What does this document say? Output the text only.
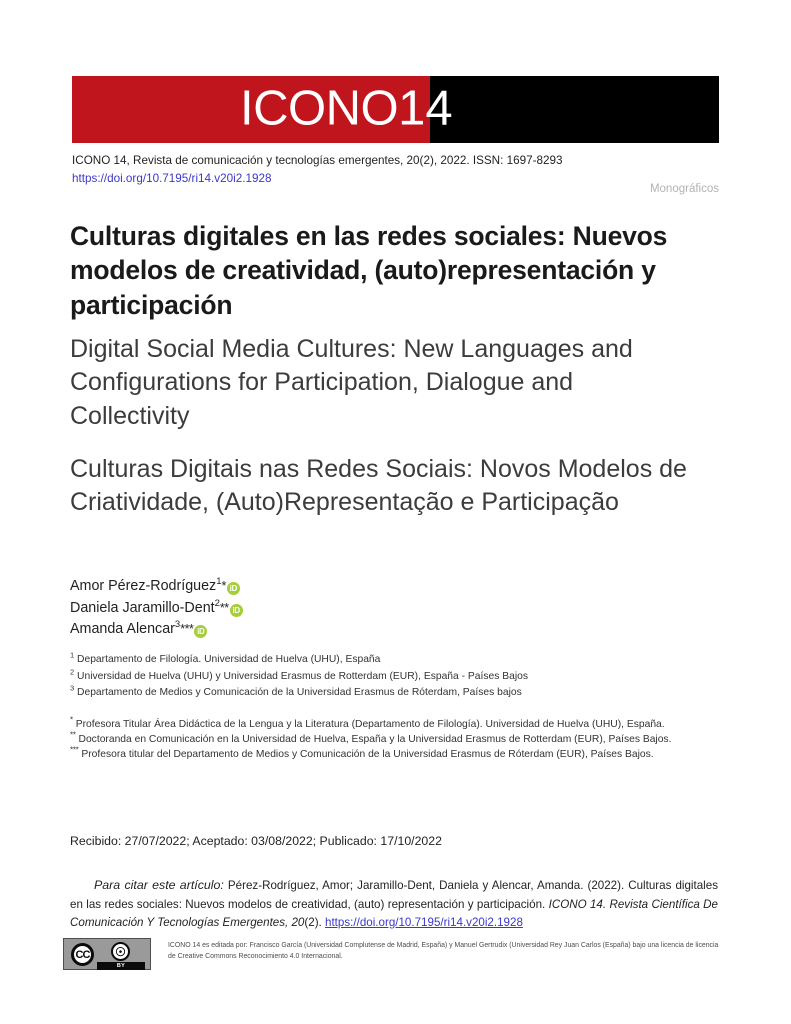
ICONO14
ICONO 14, Revista de comunicación y tecnologías emergentes, 20(2), 2022. ISSN: 1697-8293
https://doi.org/10.7195/ri14.v20i2.1928
Monográficos
Culturas digitales en las redes sociales: Nuevos modelos de creatividad, (auto)representación y participación
Digital Social Media Cultures: New Languages and Configurations for Participation, Dialogue and Collectivity
Culturas Digitais nas Redes Sociais: Novos Modelos de Criatividade, (Auto)Representação e Participação
Amor Pérez-Rodríguez$^1$* iD
Daniela Jaramillo-Dent$^2$** iD
Amanda Alencar$^3$*** iD
$^1$ Departamento de Filología. Universidad de Huelva (UHU), España
$^2$ Universidad de Huelva (UHU) y Universidad Erasmus de Rotterdam (EUR), España - Países Bajos
$^3$ Departamento de Medios y Comunicación de la Universidad Erasmus de Róterdam, Países bajos
* Profesora Titular Área Didáctica de la Lengua y la Literatura (Departamento de Filología). Universidad de Huelva (UHU), España.
** Doctoranda en Comunicación en la Universidad de Huelva, España y la Universidad Erasmus de Rotterdam (EUR), Países Bajos.
*** Profesora titular del Departamento de Medios y Comunicación de la Universidad Erasmus de Róterdam (EUR), Países Bajos.
Recibido: 27/07/2022; Aceptado: 03/08/2022; Publicado: 17/10/2022
Para citar este artículo: Pérez-Rodríguez, Amor; Jaramillo-Dent, Daniela y Alencar, Amanda. (2022). Culturas digitales en las redes sociales: Nuevos modelos de creatividad, (auto) representación y participación. ICONO 14. Revista Científica De Comunicación Y Tecnologías Emergentes, 20(2). https://doi.org/10.7195/ri14.v20i2.1928
CC ☉
BY
ICONO 14 es editada por: Francisco García (Universidad Complutense de Madrid, España) y Manuel Gertrudix (Universidad Rey Juan Carlos (España) bajo una licencia de licencia de Creative Commons Reconocimiento 4.0 Internacional.
